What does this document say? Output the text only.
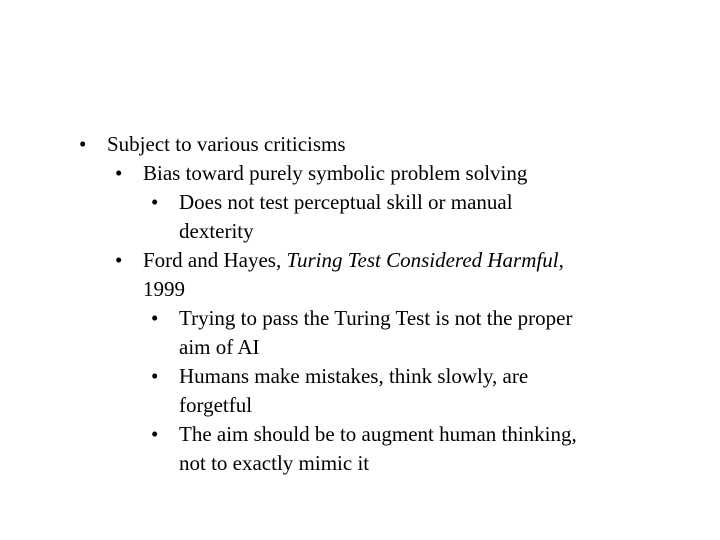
• Subject to various criticisms
• Bias toward purely symbolic problem solving
• Does not test perceptual skill or manual
dexterity
• Ford and Hayes, Turing Test Considered Harmful,
1999
• Trying to pass the Turing Test is not the proper
aim of AI
• Humans make mistakes, think slowly, are
forgetful
• The aim should be to augment human thinking,
not to exactly mimic it
